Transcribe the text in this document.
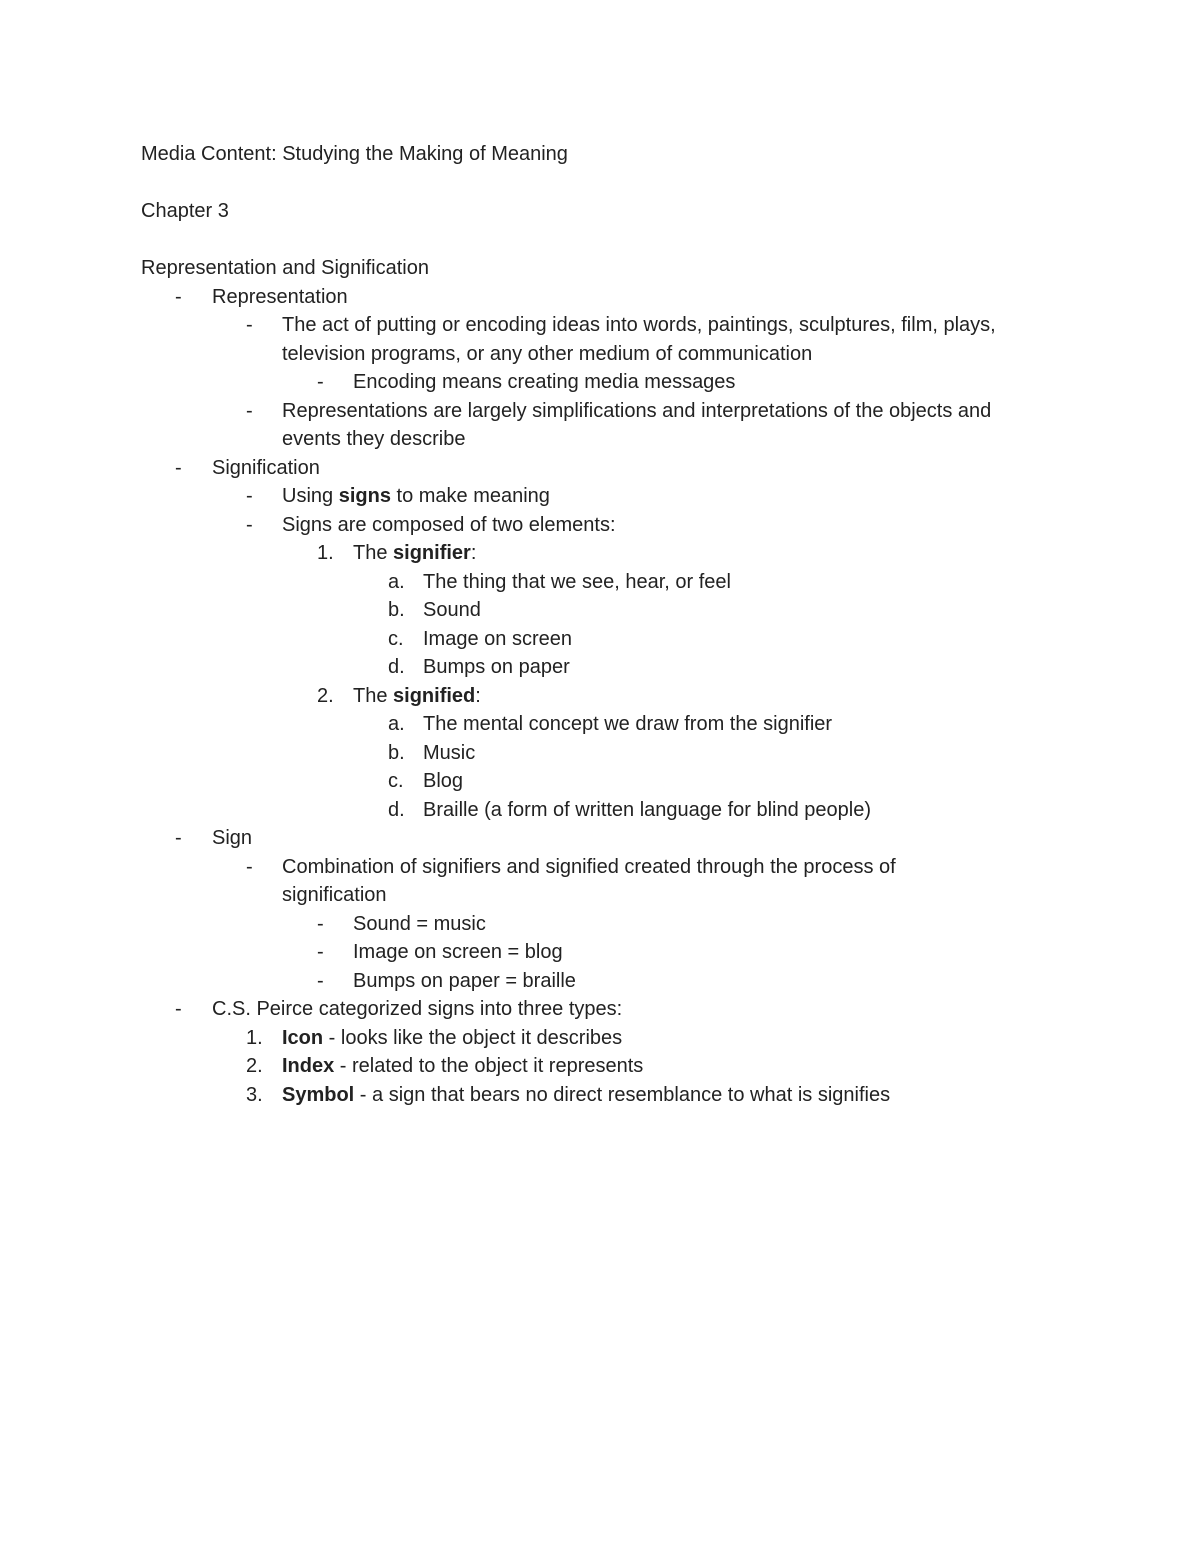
Media Content: Studying the Making of Meaning
Chapter 3
Representation and Signification
- Representation
- The act of putting or encoding ideas into words, paintings, sculptures, film, plays,
television programs, or any other medium of communication
- Encoding means creating media messages
- Representations are largely simplifications and interpretations of the objects and
events they describe
- Signification
- Using signs to make meaning
- Signs are composed of two elements:
1. The signifier:
a. The thing that we see, hear, or feel
b. Sound
c. Image on screen
d. Bumps on paper
2. The signified:
a. The mental concept we draw from the signifier
b. Music
c. Blog
d. Braille (a form of written language for blind people)
- Sign
- Combination of signifiers and signified created through the process of
signification
- Sound = music
- Image on screen = blog
- Bumps on paper = braille
- C.S. Peirce categorized signs into three types:
1. Icon - looks like the object it describes
2. Index - related to the object it represents
3. Symbol - a sign that bears no direct resemblance to what is signifies
